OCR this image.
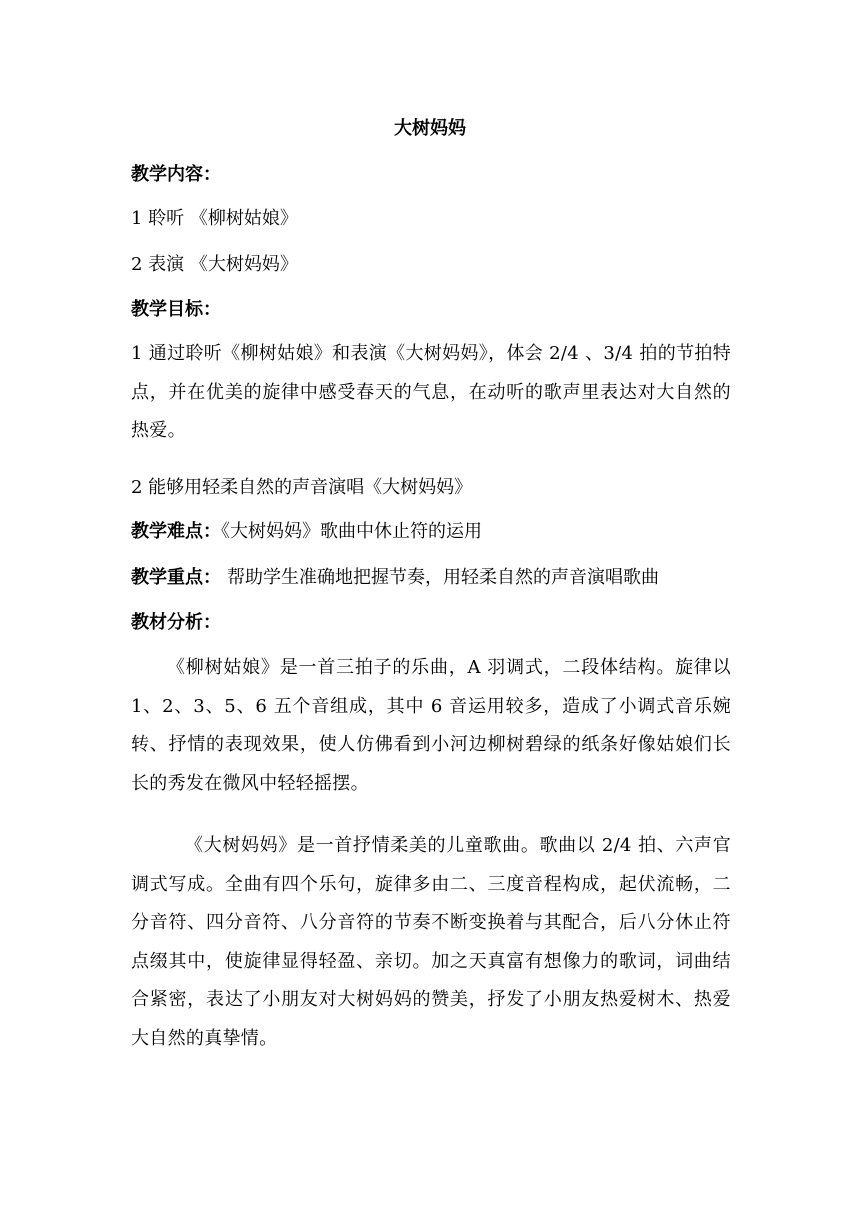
大树妈妈
教学内容：
1 聆听 《柳树姑娘》
2 表演 《大树妈妈》
教学目标：
1 通过聆听《柳树姑娘》和表演《大树妈妈》，体会 2/4 、3/4 拍的节拍特点，并在优美的旋律中感受春天的气息，在动听的歌声里表达对大自然的热爱。
2 能够用轻柔自然的声音演唱《大树妈妈》
教学难点：《大树妈妈》歌曲中休止符的运用
教学重点： 帮助学生准确地把握节奏，用轻柔自然的声音演唱歌曲
教材分析：
《柳树姑娘》是一首三拍子的乐曲，A 羽调式，二段体结构。旋律以 1、2、3、5、6 五个音组成，其中 6 音运用较多，造成了小调式音乐婉转、抒情的表现效果，使人仿佛看到小河边柳树碧绿的纸条好像姑娘们长长的秀发在微风中轻轻摇摆。
《大树妈妈》是一首抒情柔美的儿童歌曲。歌曲以 2/4 拍、六声官调式写成。全曲有四个乐句，旋律多由二、三度音程构成，起伏流畅，二分音符、四分音符、八分音符的节奏不断变换着与其配合，后八分休止符点缀其中，使旋律显得轻盈、亲切。加之天真富有想像力的歌词，词曲结合紧密，表达了小朋友对大树妈妈的赞美，抒发了小朋友热爱树木、热爱大自然的真挚情。
